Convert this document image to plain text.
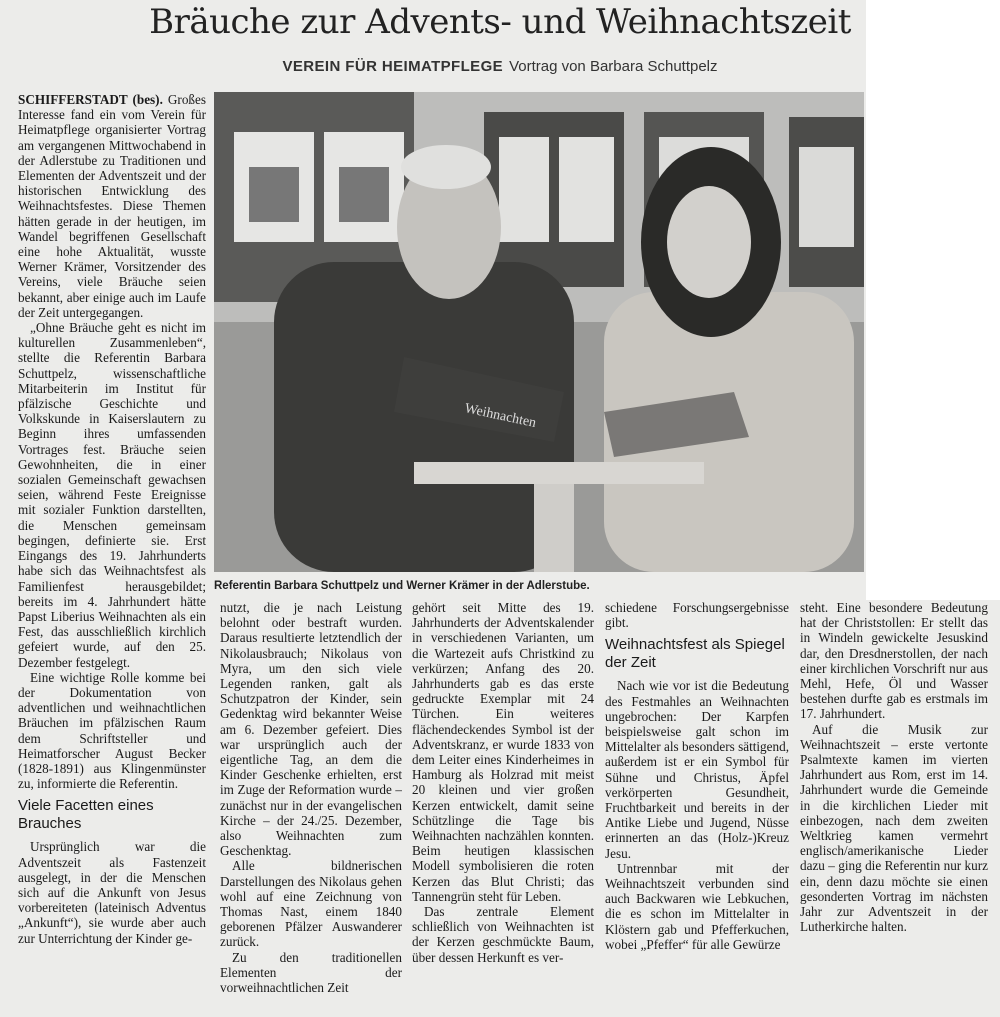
Bräuche zur Advents- und Weihnachtszeit
VEREIN FÜR HEIMATPFLEGE Vortrag von Barbara Schuttpelz

SCHIFFERSTADT (bes). Großes Interesse fand ein vom Verein für Heimatpflege organisierter Vortrag am vergangenen Mittwochabend in der Adlerstube zu Traditionen und Elementen der Adventszeit und der historischen Entwicklung des Weihnachtsfestes. Diese Themen hätten gerade in der heutigen, im Wandel begriffenen Gesellschaft eine hohe Aktualität, wusste Werner Krämer, Vorsitzender des Vereins, viele Bräuche seien bekannt, aber einige auch im Laufe der Zeit untergegangen.

„Ohne Bräuche geht es nicht im kulturellen Zusammenleben“, stellte die Referentin Barbara Schuttpelz, wissenschaftliche Mitarbeiterin im Institut für pfälzische Geschichte und Volkskunde in Kaiserslautern zu Beginn ihres umfassenden Vortrages fest. Bräuche seien Gewohnheiten, die in einer sozialen Gemeinschaft gewachsen seien, während Feste Ereignisse mit sozialer Funktion darstellten, die Menschen gemeinsam begingen, definierte sie. Erst Eingangs des 19. Jahrhunderts habe sich das Weihnachtsfest als Familienfest herausgebildet; bereits im 4. Jahrhundert hätte Papst Liberius Weihnachten als ein Fest, das ausschließlich kirchlich gefeiert wurde, auf den 25. Dezember festgelegt.

Eine wichtige Rolle komme bei der Dokumentation von adventlichen und weihnachtlichen Bräuchen im pfälzischen Raum dem Schriftsteller und Heimatforscher August Becker (1828-1891) aus Klingenmünster zu, informierte die Referentin.

Viele Facetten eines Brauches

Ursprünglich war die Adventszeit als Fastenzeit ausgelegt, in der die Menschen sich auf die Ankunft von Jesus vorbereiteten (lateinisch Adventus „Ankunft“), sie wurde aber auch zur Unterrichtung der Kinder ge-

Weihnachten
Referentin Barbara Schuttpelz und Werner Krämer in der Adlerstube.

nutzt, die je nach Leistung belohnt oder bestraft wurden. Daraus resultierte letztendlich der Nikolausbrauch; Nikolaus von Myra, um den sich viele Legenden ranken, galt als Schutzpatron der Kinder, sein Gedenktag wird bekannter Weise am 6. Dezember gefeiert. Dies war ursprünglich auch der eigentliche Tag, an dem die Kinder Geschenke erhielten, erst im Zuge der Reformation wurde – zunächst nur in der evangelischen Kirche – der 24./25. Dezember, also Weihnachten zum Geschenktag.

Alle bildnerischen Darstellungen des Nikolaus gehen wohl auf eine Zeichnung von Thomas Nast, einem 1840 geborenen Pfälzer Auswanderer zurück.

Zu den traditionellen Elementen der vorweihnachtlichen Zeit

gehört seit Mitte des 19. Jahrhunderts der Adventskalender in verschiedenen Varianten, um die Wartezeit aufs Christkind zu verkürzen; Anfang des 20. Jahrhunderts gab es das erste gedruckte Exemplar mit 24 Türchen. Ein weiteres flächendeckendes Symbol ist der Adventskranz, er wurde 1833 von dem Leiter eines Kinderheimes in Hamburg als Holzrad mit meist 20 kleinen und vier großen Kerzen entwickelt, damit seine Schützlinge die Tage bis Weihnachten nachzählen konnten. Beim heutigen klassischen Modell symbolisieren die roten Kerzen das Blut Christi; das Tannengrün steht für Leben.

Das zentrale Element schließlich von Weihnachten ist der Kerzen geschmückte Baum, über dessen Herkunft es ver-

schiedene Forschungsergebnisse gibt.

Weihnachtsfest als Spiegel der Zeit

Nach wie vor ist die Bedeutung des Festmahles an Weihnachten ungebrochen: Der Karpfen beispielsweise galt schon im Mittelalter als besonders sättigend, außerdem ist er ein Symbol für Sühne und Christus, Äpfel verkörperten Gesundheit, Fruchtbarkeit und bereits in der Antike Liebe und Jugend, Nüsse erinnerten an das (Holz-)Kreuz Jesu.

Untrennbar mit der Weihnachtszeit verbunden sind auch Backwaren wie Lebkuchen, die es schon im Mittelalter in Klöstern gab und Pfefferkuchen, wobei „Pfeffer“ für alle Gewürze

steht. Eine besondere Bedeutung hat der Christstollen: Er stellt das in Windeln gewickelte Jesuskind dar, den Dresdnerstollen, der nach einer kirchlichen Vorschrift nur aus Mehl, Hefe, Öl und Wasser bestehen durfte gab es erstmals im 17. Jahrhundert.

Auf die Musik zur Weihnachtszeit – erste vertonte Psalmtexte kamen im vierten Jahrhundert aus Rom, erst im 14. Jahrhundert wurde die Gemeinde in die kirchlichen Lieder mit einbezogen, nach dem zweiten Weltkrieg kamen vermehrt englisch/amerikanische Lieder dazu – ging die Referentin nur kurz ein, denn dazu möchte sie einen gesonderten Vortrag im nächsten Jahr zur Adventszeit in der Lutherkirche halten.
